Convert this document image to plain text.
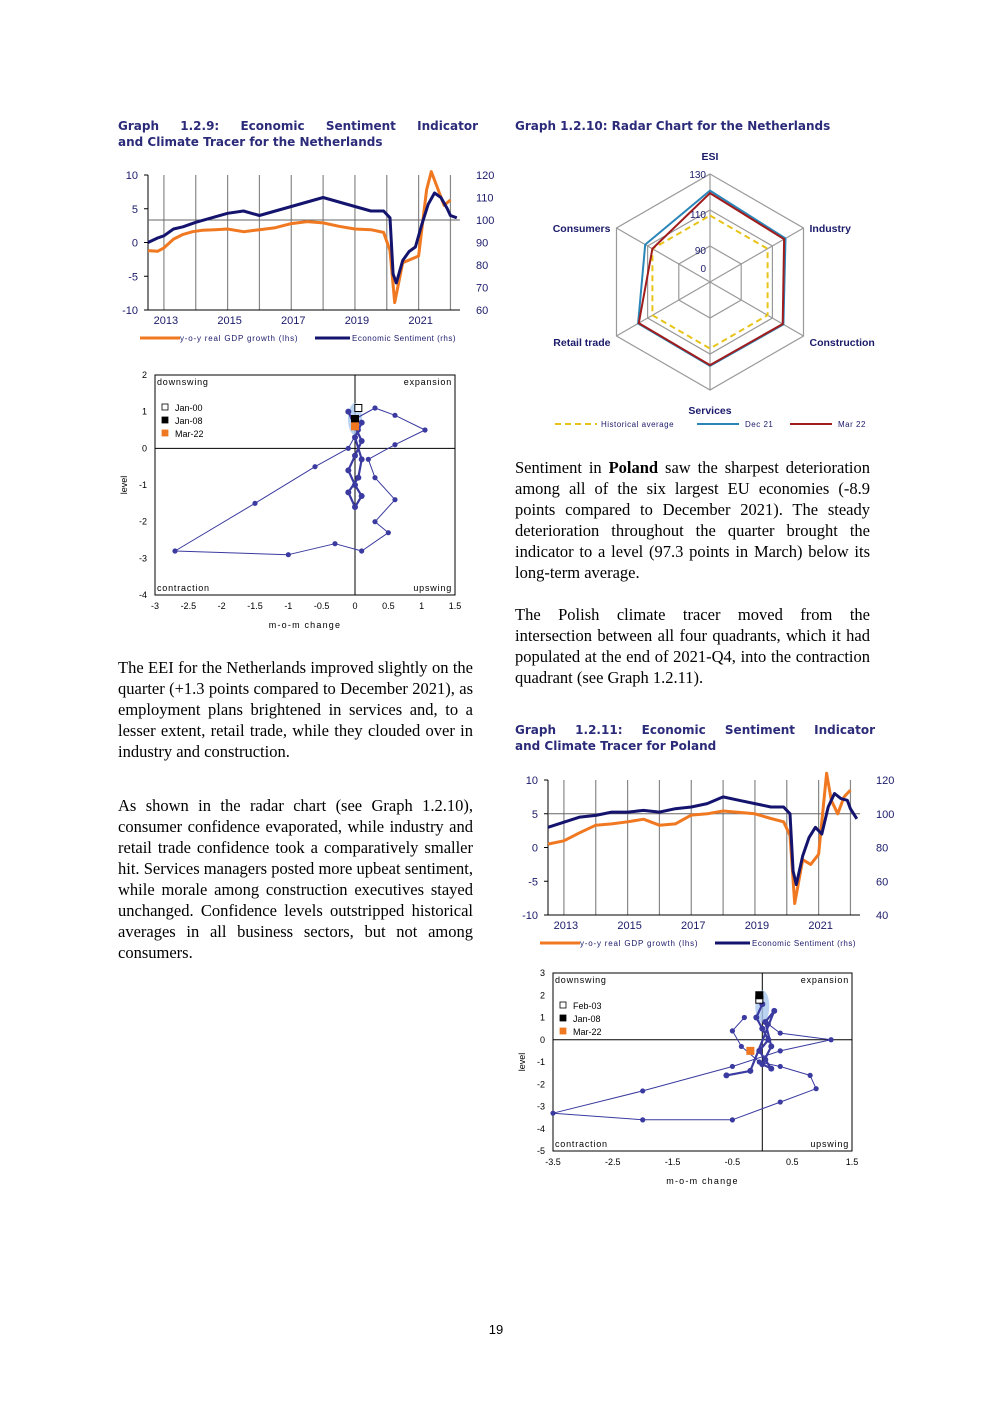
Graph 1.2.9: Economic Sentiment Indicator
and Climate Tracer for the Netherlands
10
5
0
-5
-10
120
110
100
90
80
70
60
2013	2015	2017	2019	2021
y-o-y real GDP growth (lhs)	Economic Sentiment (rhs)
2
1
0
-1
-2
-3
-4
-3 -2.5 -2 -1.5 -1 -0.5	0	0.5	1	1.5
m-o-m change
level
downswing	expansion
contraction	upswing
Jan-00
Jan-08
Mar-22

The EEI for the Netherlands improved slightly on the quarter (+1.3 points compared to December 2021), as employment plans brightened in services and, to a lesser extent, retail trade, while they clouded over in industry and construction.

As shown in the radar chart (see Graph 1.2.10), consumer confidence evaporated, while industry and retail trade confidence took a comparatively smaller hit. Services managers posted more upbeat sentiment, while morale among construction executives stayed unchanged. Confidence levels outstripped historical averages in all business sectors, but not among consumers.

Graph 1.2.10: Radar Chart for the Netherlands
130
110
90
0
ESI
Industry
Construction
Services
Retail trade
Consumers
Historical average	Dec 21	Mar 22

Sentiment in Poland saw the sharpest deterioration among all of the six largest EU economies (-8.9 points compared to December 2021). The steady deterioration throughout the quarter brought the indicator to a level (97.3 points in March) below its long-term average.

The Polish climate tracer moved from the intersection between all four quadrants, which it had populated at the end of 2021-Q4, into the contraction quadrant (see Graph 1.2.11).

Graph 1.2.11: Economic Sentiment Indicator
and Climate Tracer for Poland
10
5
0
-5
-10
120
100
80
60
40
2013	2015	2017	2019	2021
y-o-y real GDP growth (lhs)	Economic Sentiment (rhs)
3
2
1
0
-1
-2
-3
-4
-5
-3.5	-2.5	-1.5	-0.5	0.5	1.5
m-o-m change
level
downswing	expansion
contraction	upswing
Feb-03
Jan-08
Mar-22
19
